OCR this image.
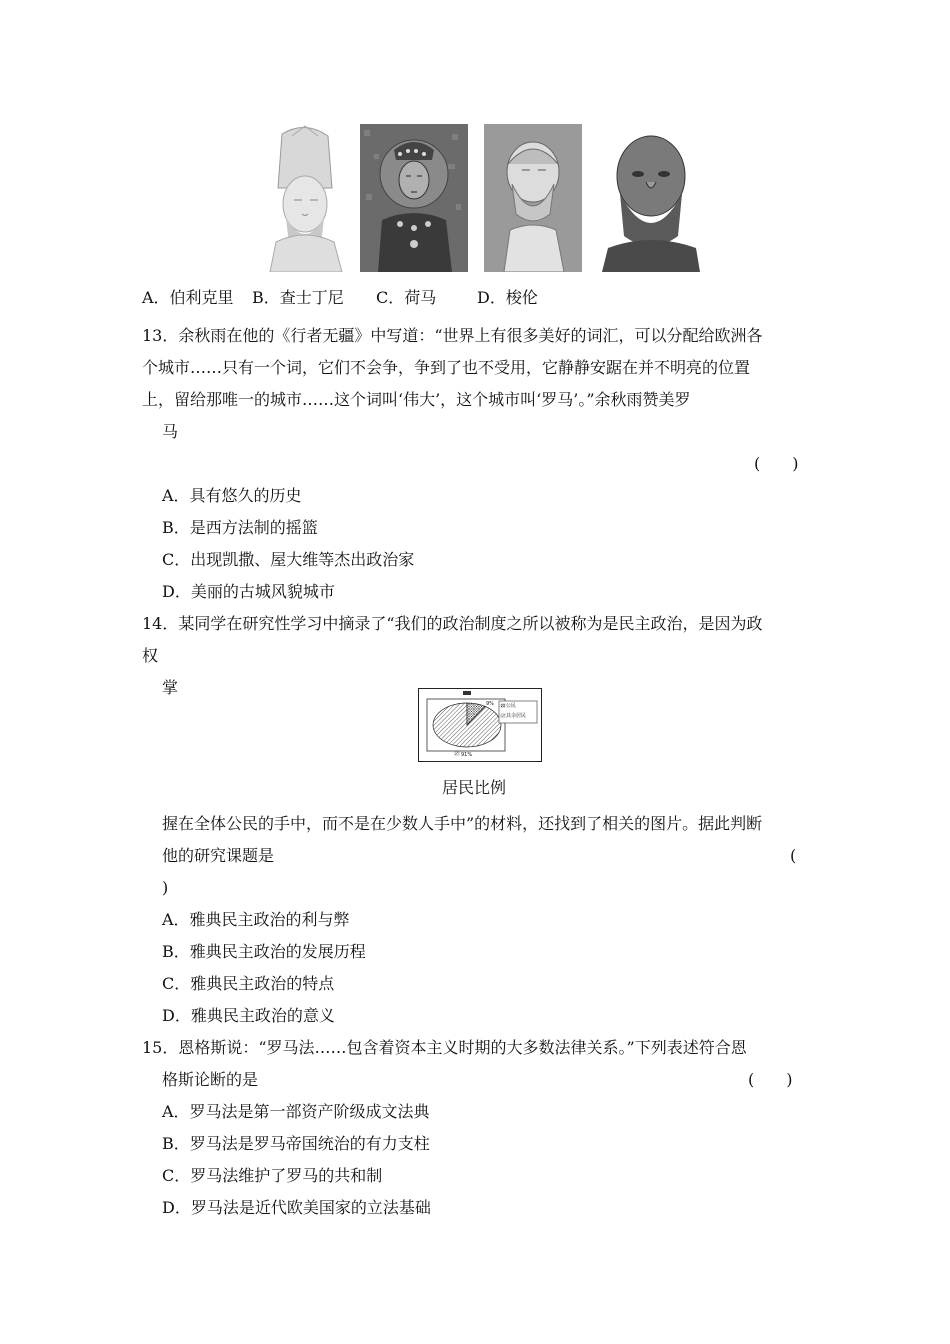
A．伯利克里 B．查士丁尼 C．荷马	D．梭伦
13．余秋雨在他的《行者无疆》中写道：“世界上有很多美好的词汇，可以分配给欧洲各
个城市……只有一个词，它们不会争，争到了也不受用，它静静安踞在并不明亮的位置
上，留给那唯一的城市……这个词叫‘伟大’，这个城市叫‘罗马’。”余秋雨赞美罗
马
(　　)
A．具有悠久的历史
B．是西方法制的摇篮
C．出现凯撒、屋大维等杰出政治家
D．美丽的古城风貌城市
14．某同学在研究性学习中摘录了“我们的政治制度之所以被称为是民主政治，是因为政
权
掌
公民
其余居民
9%
91%
居民比例
握在全体公民的手中，而不是在少数人手中”的材料，还找到了相关的图片。据此判断
他的研究课题是	(
)
A．雅典民主政治的利与弊
B．雅典民主政治的发展历程
C．雅典民主政治的特点
D．雅典民主政治的意义
15．恩格斯说：“罗马法……包含着资本主义时期的大多数法律关系。”下列表述符合恩
格斯论断的是	(　　)
A．罗马法是第一部资产阶级成文法典
B．罗马法是罗马帝国统治的有力支柱
C．罗马法维护了罗马的共和制
D．罗马法是近代欧美国家的立法基础
